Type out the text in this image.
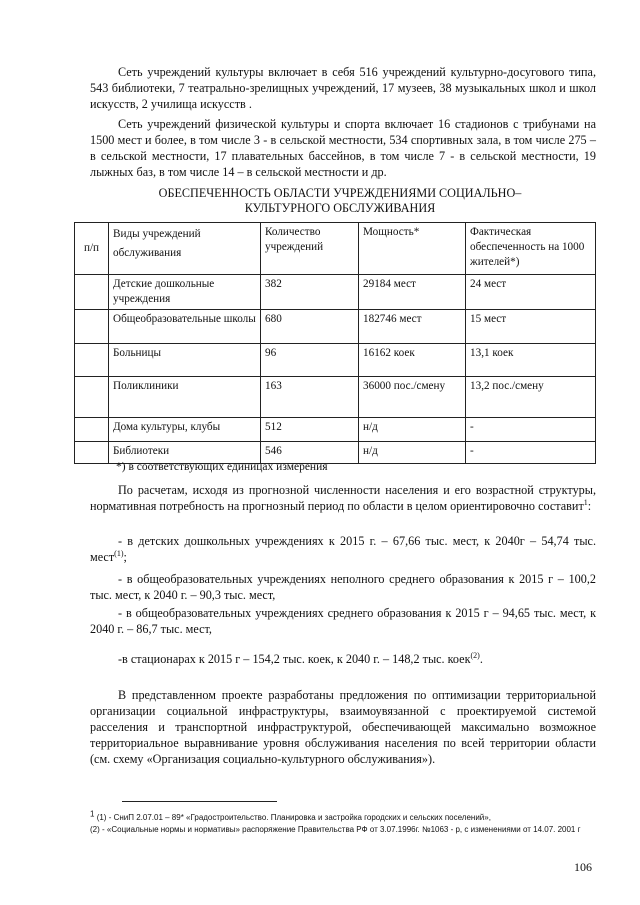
Сеть учреждений культуры включает в себя 516 учреждений культурно-досугового типа, 543 библиотеки, 7 театрально-зрелищных учреждений, 17 музеев, 38 музыкальных школ и школ искусств, 2 училища искусств .

Сеть учреждений физической культуры и спорта включает 16 стадионов с трибунами на 1500 мест и более, в том числе 3 - в сельской местности, 534 спортивных зала, в том числе 275 – в сельской местности, 17 плавательных бассейнов, в том числе 7 - в сельской местности, 19 лыжных баз, в том числе 14 – в сельской местности и др.

ОБЕСПЕЧЕННОСТЬ ОБЛАСТИ УЧРЕЖДЕНИЯМИ СОЦИАЛЬНО–КУЛЬТУРНОГО ОБСЛУЖИВАНИЯ

п/п	Виды учреждений обслуживания	Количество учреждений	Мощность*	Фактическая обеспеченность на 1000 жителей*)
	Детские дошкольные учреждения	382	29184 мест	24 мест
	Общеобразовательные школы	680	182746 мест	15 мест
	Больницы	96	16162 коек	13,1 коек
	Поликлиники	163	36000 пос./смену	13,2 пос./смену
	Дома культуры, клубы	512	н/д	-
	Библиотеки	546	н/д	-
*) в соответствующих единицах измерения

По расчетам, исходя из прогнозной численности населения и его возрастной структуры, нормативная потребность на прогнозный период по области в целом ориентировочно составит$^1$:

- в детских дошкольных учреждениях к 2015 г. – 67,66 тыс. мест, к 2040г – 54,74 тыс. мест$^{(1)}$;

- в общеобразовательных учреждениях неполного среднего образования к 2015 г – 100,2 тыс. мест, к 2040 г. – 90,3 тыс. мест,

- в общеобразовательных учреждениях среднего образования к 2015 г – 94,65 тыс. мест, к 2040 г. – 86,7 тыс. мест,

-в стационарах к 2015 г – 154,2 тыс. коек, к 2040 г. – 148,2 тыс. коек$^{(2)}$.

В представленном проекте разработаны предложения по оптимизации территориальной организации социальной инфраструктуры, взаимоувязанной с проектируемой системой расселения и транспортной инфраструктурой, обеспечивающей максимально возможное территориальное выравнивание уровня обслуживания населения по всей территории области (см. схему «Организация социально-культурного обслуживания»).

$^1$ (1) - СниП 2.07.01 – 89* «Градостроительство. Планировка и застройка городских и сельских поселений»,

(2) - «Социальные нормы и нормативы» распоряжение Правительства РФ от 3.07.1996г. №1063 - р, с изменениями от 14.07. 2001 г

106
